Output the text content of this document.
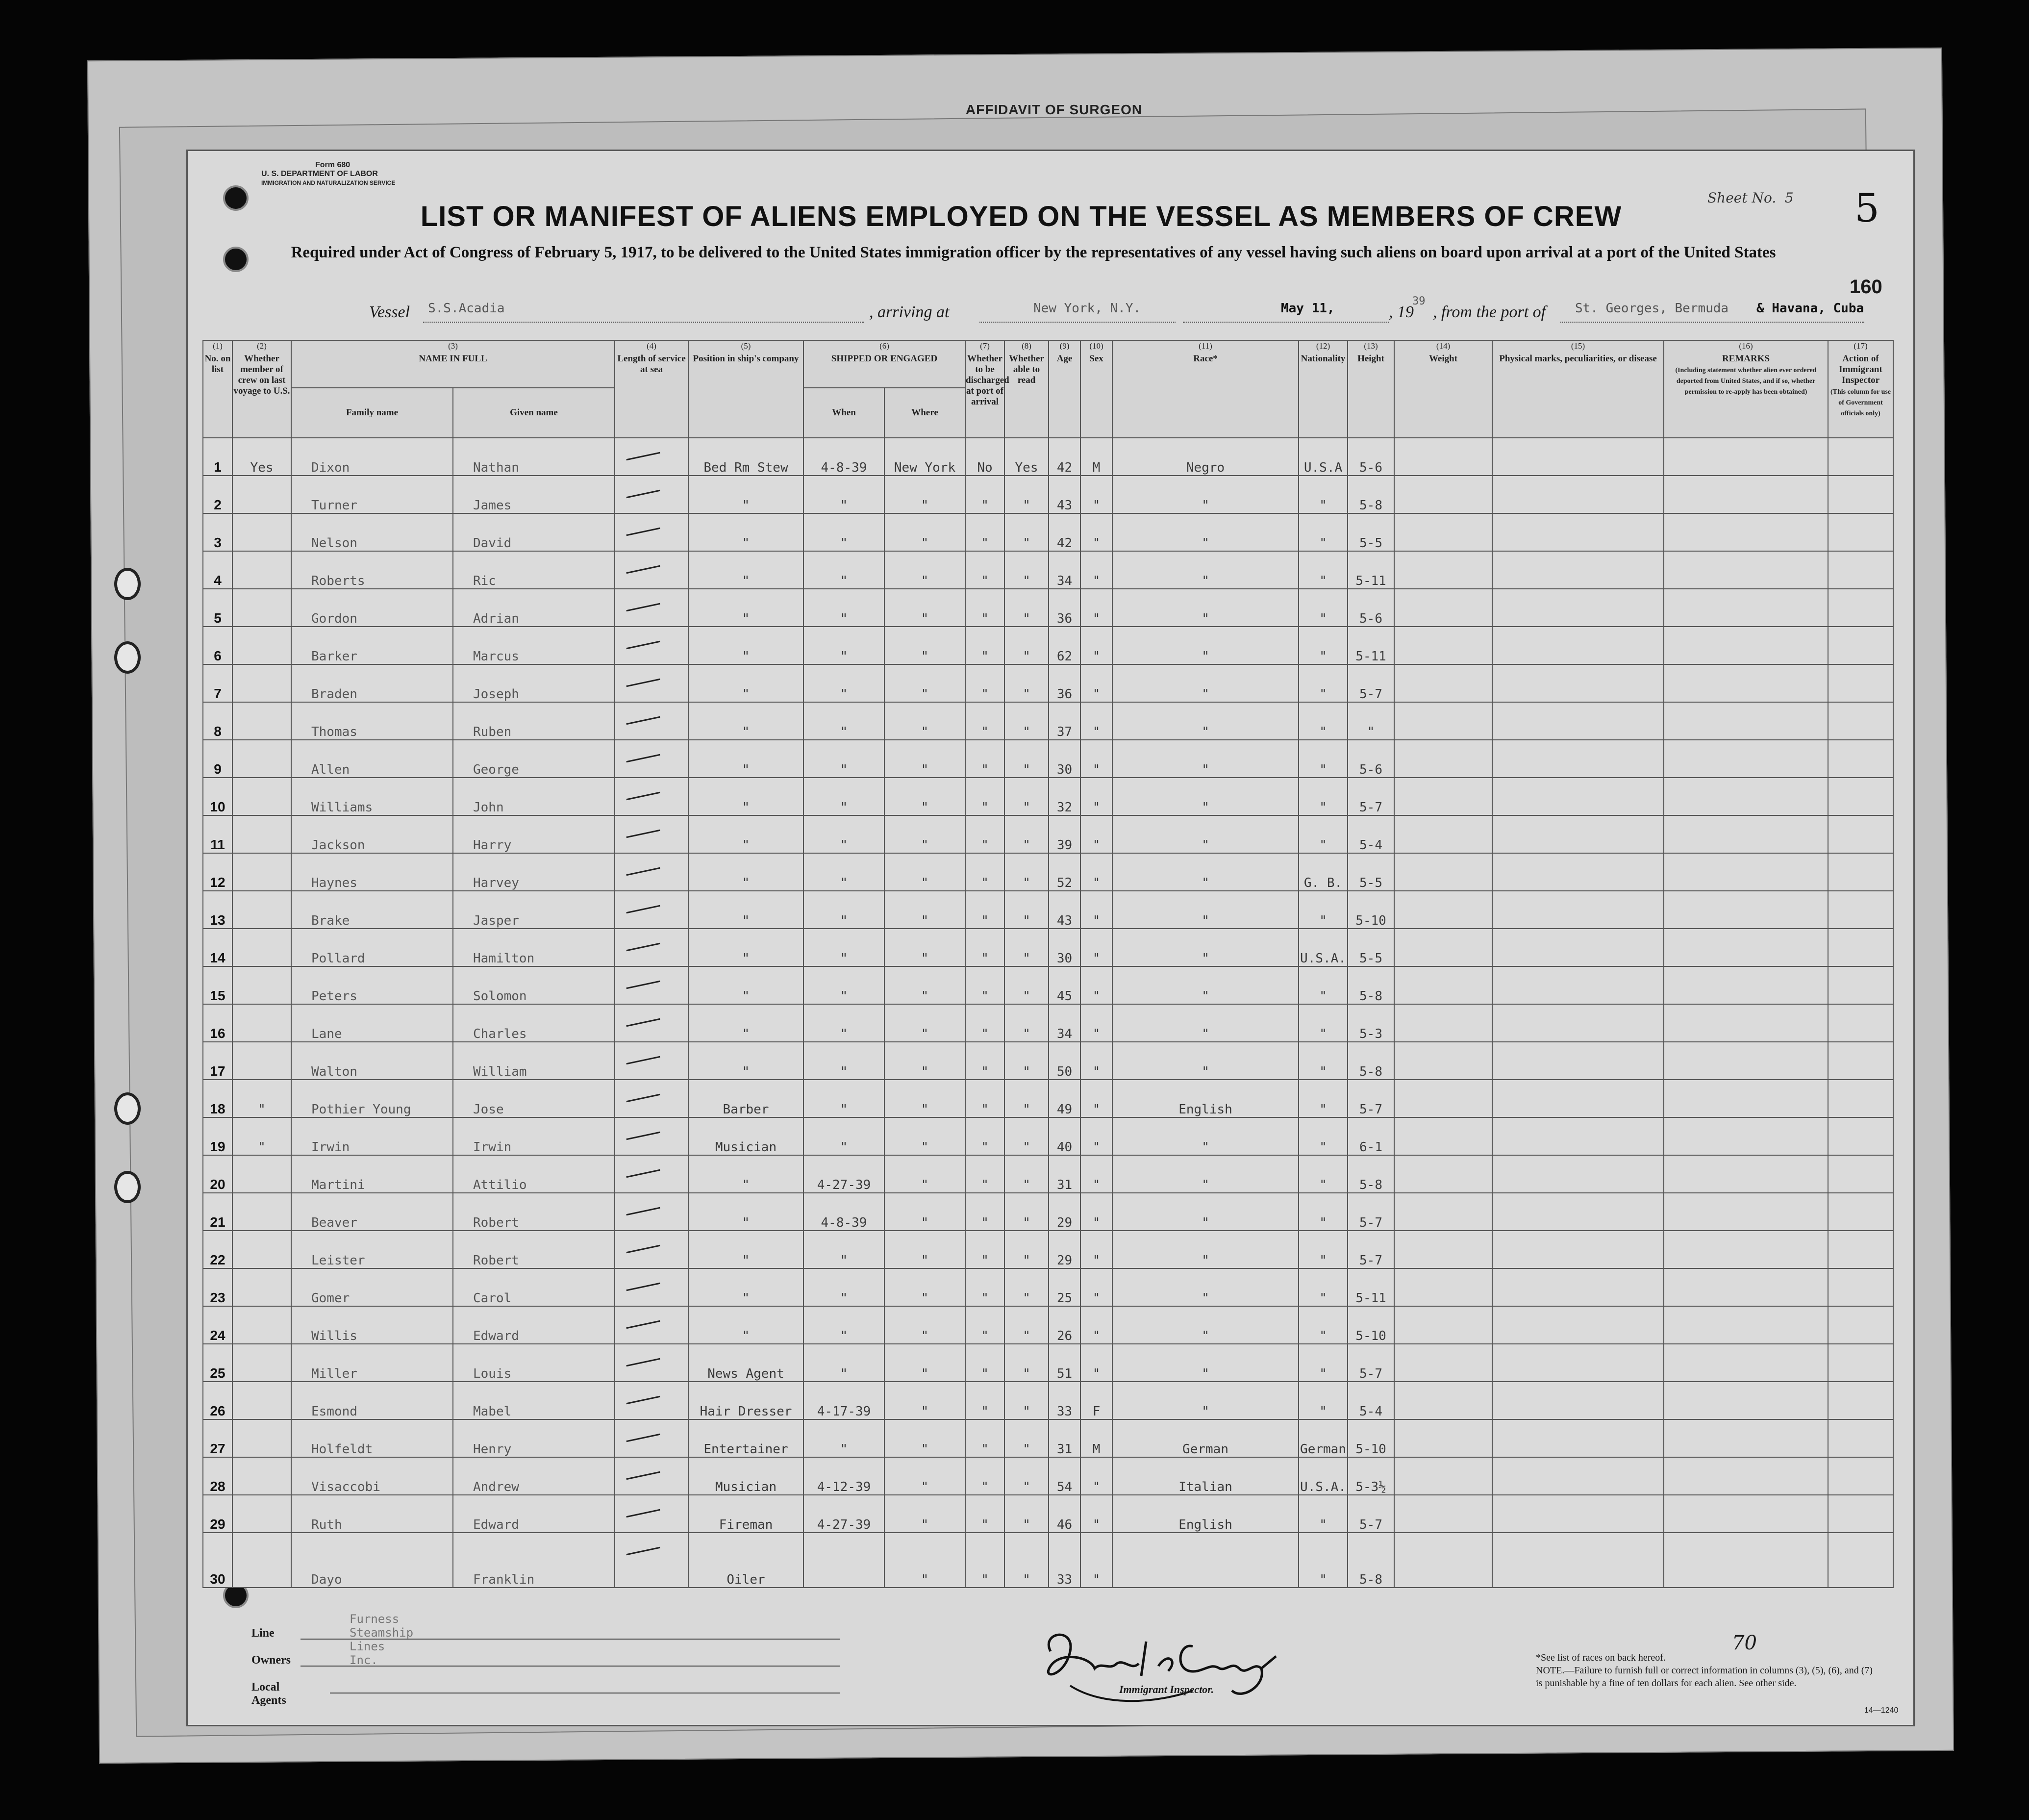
AFFIDAVIT OF SURGEON
Form 680
U. S. DEPARTMENT OF LABOR
IMMIGRATION AND NATURALIZATION SERVICE
Sheet No. 5 5
LIST OR MANIFEST OF ALIENS EMPLOYED ON THE VESSEL AS MEMBERS OF CREW
Required under Act of Congress of February 5, 1917, to be delivered to the United States immigration officer by the representatives of any vessel having such aliens on board upon arrival at a port of the United States
160
Vessel S.S.Acadia	, arriving at	New York, N.Y.	May 11,	, 19
39
, from the port of St. Georges, Bermuda & Havana, Cuba
(1)
No. on list	(2)
Whether member of crew on last voyage to U.S.	(3)
NAME IN FULL		(4)
Length of service at sea	(5)
Position in ship's company	(6)
SHIPPED OR ENGAGED		(7)
Whether to be discharged at port of arrival	(8)
Whether able to read	(9)
Age	(10)
Sex	(11)
Race*	(12)
Nationality	(13)
Height	(14)
Weight	(15)
Physical marks, peculiarities, or disease	(16)
REMARKS
(Including statement whether alien ever ordered deported from United States, and if so, whether permission to re-apply has been obtained)	(17)
Action of Immigrant Inspector
(This column for use of Government officials only)
		Family name	Given name			When	Where											
1	Yes	Dixon	Nathan		Bed Rm Stew	4-8-39	New York	No	Yes	42	M	Negro	U.S.A	5-6				
2		Turner	James		"	"	"	"	"	43	"	"	"	5-8				
3		Nelson	David		"	"	"	"	"	42	"	"	"	5-5				
4		Roberts	Ric		"	"	"	"	"	34	"	"	"	5-11				
5		Gordon	Adrian		"	"	"	"	"	36	"	"	"	5-6				
6		Barker	Marcus		"	"	"	"	"	62	"	"	"	5-11				
7		Braden	Joseph		"	"	"	"	"	36	"	"	"	5-7				
8		Thomas	Ruben		"	"	"	"	"	37	"	"	"	"				
9		Allen	George		"	"	"	"	"	30	"	"	"	5-6				
10		Williams	John		"	"	"	"	"	32	"	"	"	5-7				
11		Jackson	Harry		"	"	"	"	"	39	"	"	"	5-4				
12		Haynes	Harvey		"	"	"	"	"	52	"	"	G. B.	5-5				
13		Brake	Jasper		"	"	"	"	"	43	"	"	"	5-10				
14		Pollard	Hamilton		"	"	"	"	"	30	"	"	U.S.A.	5-5				
15		Peters	Solomon		"	"	"	"	"	45	"	"	"	5-8				
16		Lane	Charles		"	"	"	"	"	34	"	"	"	5-3				
17		Walton	William		"	"	"	"	"	50	"	"	"	5-8				
18	"	Pothier Young	Jose		Barber	"	"	"	"	49	"	English	"	5-7				
19	"	Irwin	Irwin		Musician	"	"	"	"	40	"	"	"	6-1				
20		Martini	Attilio		"	4-27-39	"	"	"	31	"	"	"	5-8				
21		Beaver	Robert		"	4-8-39	"	"	"	29	"	"	"	5-7				
22		Leister	Robert		"	"	"	"	"	29	"	"	"	5-7				
23		Gomer	Carol		"	"	"	"	"	25	"	"	"	5-11				
24		Willis	Edward		"	"	"	"	"	26	"	"	"	5-10				
25		Miller	Louis		News Agent	"	"	"	"	51	"	"	"	5-7				
26		Esmond	Mabel		Hair Dresser	4-17-39	"	"	"	33	F	"	"	5-4				
27		Holfeldt	Henry		Entertainer	"	"	"	"	31	M	German	German	5-10				
28		Visaccobi	Andrew		Musician	4-12-39	"	"	"	54	"	Italian	U.S.A.	5-3½				
29		Ruth	Edward		Fireman	4-27-39	"	"	"	46	"	English	"	5-7				
30		Dayo	Franklin		Oiler		"	"	"	33	"		"	5-8				
Line
Furness Steamship Lines Inc.
Owners
Local Agents
Immigrant Inspector.
70

*See list of races on back hereof.

NOTE.—Failure to furnish full or correct information in columns (3), (5), (6), and (7) is punishable by a fine of ten dollars for each alien. See other side.

14—1240
